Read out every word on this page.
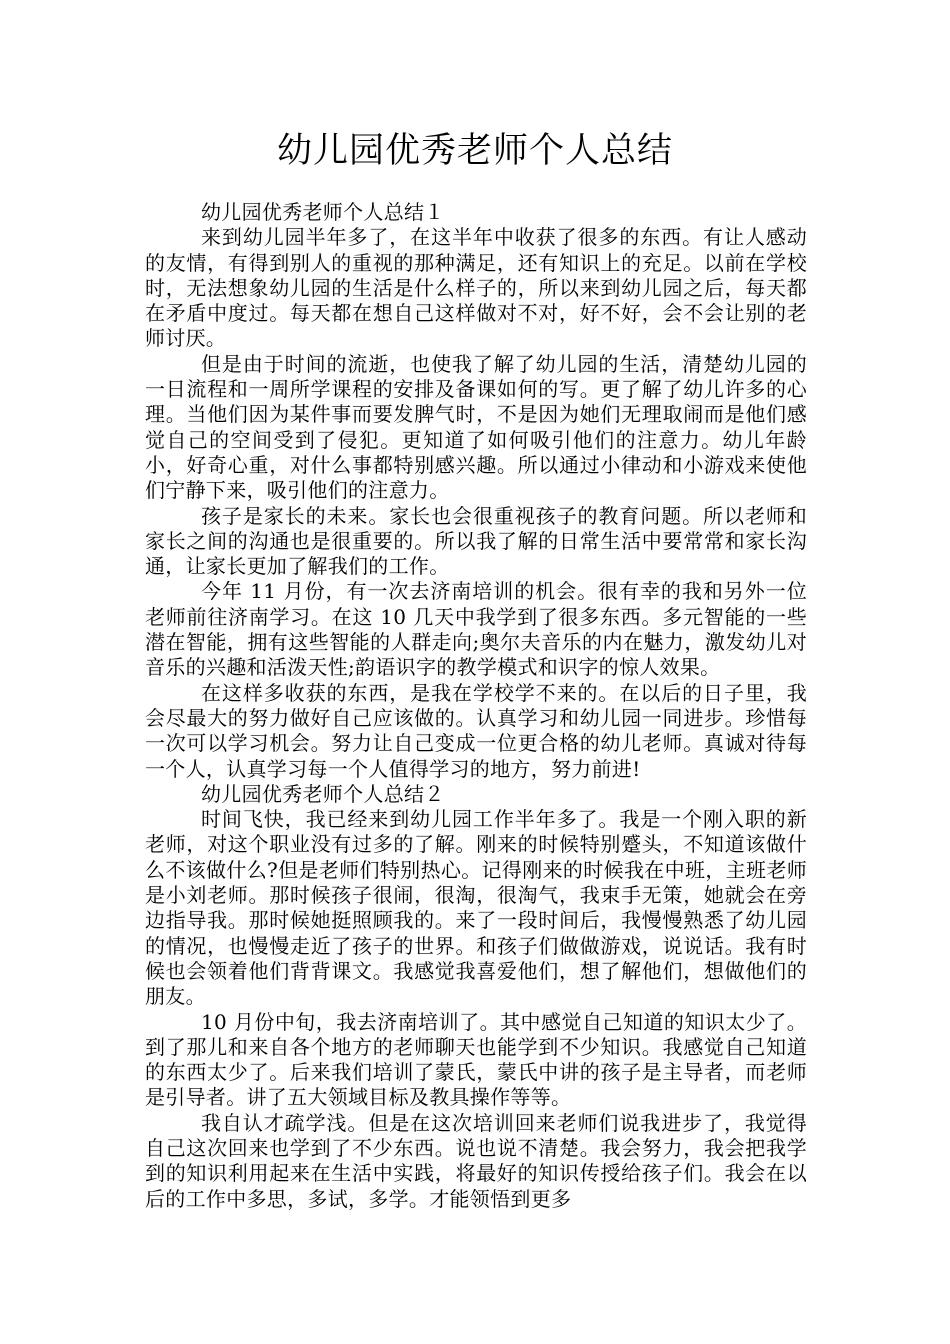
幼儿园优秀老师个人总结

幼儿园优秀老师个人总结１

来到幼儿园半年多了，在这半年中收获了很多的东西。有让人感动的友情，有得到别人的重视的那种满足，还有知识上的充足。以前在学校时，无法想象幼儿园的生活是什么样子的，所以来到幼儿园之后，每天都在矛盾中度过。每天都在想自己这样做对不对，好不好，会不会让别的老师讨厌。

但是由于时间的流逝，也使我了解了幼儿园的生活，清楚幼儿园的一日流程和一周所学课程的安排及备课如何的写。更了解了幼儿许多的心理。当他们因为某件事而要发脾气时，不是因为她们无理取闹而是他们感觉自己的空间受到了侵犯。更知道了如何吸引他们的注意力。幼儿年龄小，好奇心重，对什么事都特别感兴趣。所以通过小律动和小游戏来使他们宁静下来，吸引他们的注意力。

孩子是家长的未来。家长也会很重视孩子的教育问题。所以老师和家长之间的沟通也是很重要的。所以我了解的日常生活中要常常和家长沟通，让家长更加了解我们的工作。

今年 11 月份，有一次去济南培训的机会。很有幸的我和另外一位老师前往济南学习。在这 10 几天中我学到了很多东西。多元智能的一些潜在智能，拥有这些智能的人群走向;奥尔夫音乐的内在魅力，激发幼儿对音乐的兴趣和活泼天性;韵语识字的教学模式和识字的惊人效果。

在这样多收获的东西，是我在学校学不来的。在以后的日子里，我会尽最大的努力做好自己应该做的。认真学习和幼儿园一同进步。珍惜每一次可以学习机会。努力让自己变成一位更合格的幼儿老师。真诚对待每一个人，认真学习每一个人值得学习的地方，努力前进!

幼儿园优秀老师个人总结２

时间飞快，我已经来到幼儿园工作半年多了。我是一个刚入职的新老师，对这个职业没有过多的了解。刚来的时候特别蹙头，不知道该做什么不该做什么?但是老师们特别热心。记得刚来的时候我在中班，主班老师是小刘老师。那时候孩子很闹，很淘，很淘气，我束手无策，她就会在旁边指导我。那时候她挺照顾我的。来了一段时间后，我慢慢熟悉了幼儿园的情况，也慢慢走近了孩子的世界。和孩子们做做游戏，说说话。我有时候也会领着他们背背课文。我感觉我喜爱他们，想了解他们，想做他们的朋友。

10 月份中旬，我去济南培训了。其中感觉自己知道的知识太少了。到了那儿和来自各个地方的老师聊天也能学到不少知识。我感觉自己知道的东西太少了。后来我们培训了蒙氏，蒙氏中讲的孩子是主导者，而老师是引导者。讲了五大领域目标及教具操作等等。

我自认才疏学浅。但是在这次培训回来老师们说我进步了，我觉得自己这次回来也学到了不少东西。说也说不清楚。我会努力，我会把我学到的知识利用起来在生活中实践，将最好的知识传授给孩子们。我会在以后的工作中多思，多试，多学。才能领悟到更多
